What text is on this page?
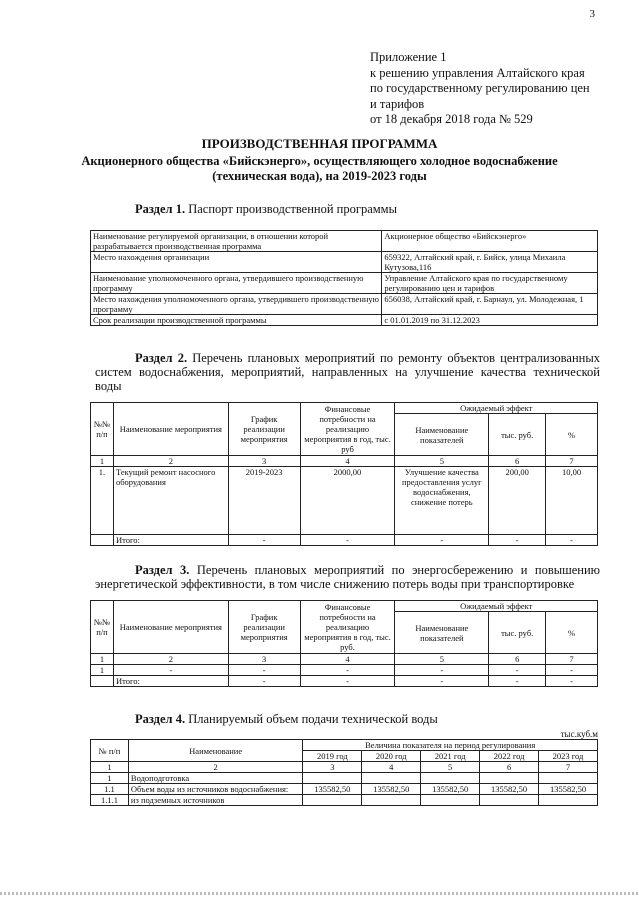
3
Приложение 1
к решению управления Алтайского края
по государственному регулированию цен
и тарифов
от 18 декабря 2018 года № 529
ПРОИЗВОДСТВЕННАЯ ПРОГРАММА
Акционерного общества «Бийскэнерго», осуществляющего холодное водоснабжение
(техническая вода), на 2019-2023 годы
Раздел 1. Паспорт производственной программы
Наименование регулируемой организации, в отношении которой разрабатывается производственная программа	Акционерное общество «Бийскэнерго»
Место нахождения организации	659322, Алтайский край, г. Бийск, улица Михаила Кутузова,116
Наименование уполномоченного органа, утвердившего производственную программу	Управление Алтайского края по государственному регулированию цен и тарифов
Место нахождения уполномоченного органа, утвердившего производственную программу	656038, Алтайский край, г. Барнаул, ул. Молодежная, 1
Срок реализации производственной программы	с 01.01.2019 по 31.12.2023
Раздел 2. Перечень плановых мероприятий по ремонту объектов централизованных систем водоснабжения, мероприятий, направленных на улучшение качества технической воды
№№ п/п	Наименование мероприятия	График реализации мероприятия	Финансовые потребности на реализацию мероприятия в год, тыс. руб	Ожидаемый эффект		
				Наименование показателей	тыс. руб.	%
1	2	3	4	5	6	7
1.	Текущий ремонт насосного оборудования	2019-2023	2000,00	Улучшение качества предоставления услуг водоснабжения, снижение потерь	200,00	10,00
	Итого:	-	-	-	-	-
Раздел 3. Перечень плановых мероприятий по энергосбережению и повышению энергетической эффективности, в том числе снижению потерь воды при транспортировке
№№ п/п	Наименование мероприятия	График реализации мероприятия	Финансовые потребности на реализацию мероприятия в год, тыс. руб.	Ожидаемый эффект		
				Наименование показателей	тыс. руб.	%
1	2	3	4	5	6	7
1	-	-	-	-	-	-
	Итого:	-	-	-	-	-
Раздел 4. Планируемый объем подачи технической воды
тыс.куб.м
№ п/п	Наименование	Величина показателя на период регулирования				
		2019 год	2020 год	2021 год	2022 год	2023 год
1	2	3	4	5	6	7
1	Водоподготовка					
1.1	Объем воды из источников водоснабжения:	135582,50	135582,50	135582,50	135582,50	135582,50
1.1.1	из подземных источников					
